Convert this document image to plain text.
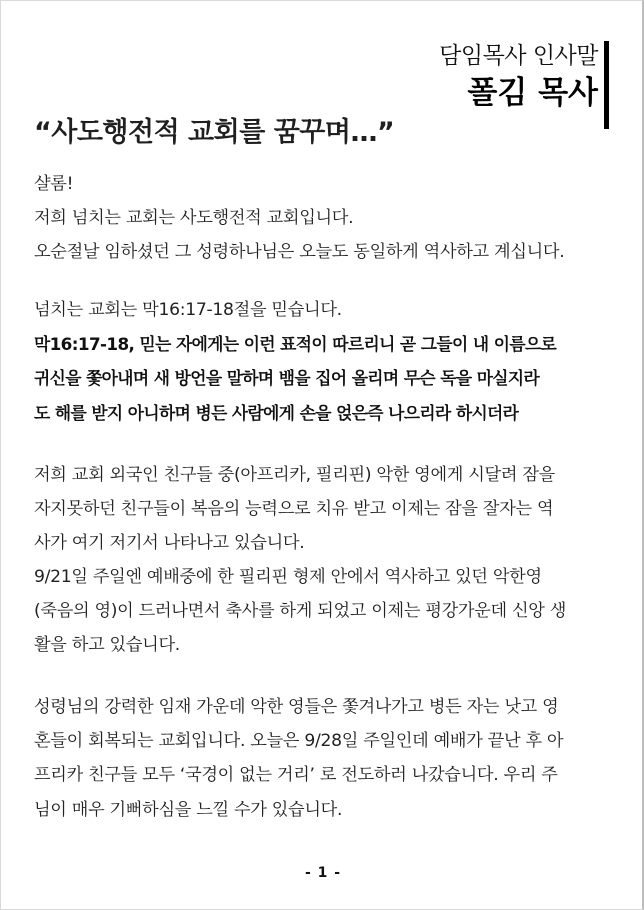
담임목사 인사말
폴김 목사
“사도행전적 교회를 꿈꾸며…”
샬롬!
저희 넘치는 교회는 사도행전적 교회입니다.
오순절날 임하셨던 그 성령하나님은 오늘도 동일하게 역사하고 계십니다.
넘치는 교회는 막16:17-18절을 믿습니다.
막16:17-18, 믿는 자에게는 이런 표적이 따르리니 곧 그들이 내 이름으로
귀신을 쫓아내며 새 방언을 말하며 뱀을 집어 올리며 무슨 독을 마실지라
도 해를 받지 아니하며 병든 사람에게 손을 얹은즉 나으리라 하시더라
저희 교회 외국인 친구들 중(아프리카, 필리핀) 악한 영에게 시달려 잠을
자지못하던 친구들이 복음의 능력으로 치유 받고 이제는 잠을 잘자는 역
사가 여기 저기서 나타나고 있습니다.
9/21일 주일엔 예배중에 한 필리핀 형제 안에서 역사하고 있던 악한영
(죽음의 영)이 드러나면서 축사를 하게 되었고 이제는 평강가운데 신앙 생
활을 하고 있습니다.
성령님의 강력한 임재 가운데 악한 영들은 쫓겨나가고 병든 자는 낫고 영
혼들이 회복되는 교회입니다. 오늘은 9/28일 주일인데 예배가 끝난 후 아
프리카 친구들 모두 ‘국경이 없는 거리’ 로 전도하러 나갔습니다. 우리 주
님이 매우 기뻐하심을 느낄 수가 있습니다.
- 1 -
